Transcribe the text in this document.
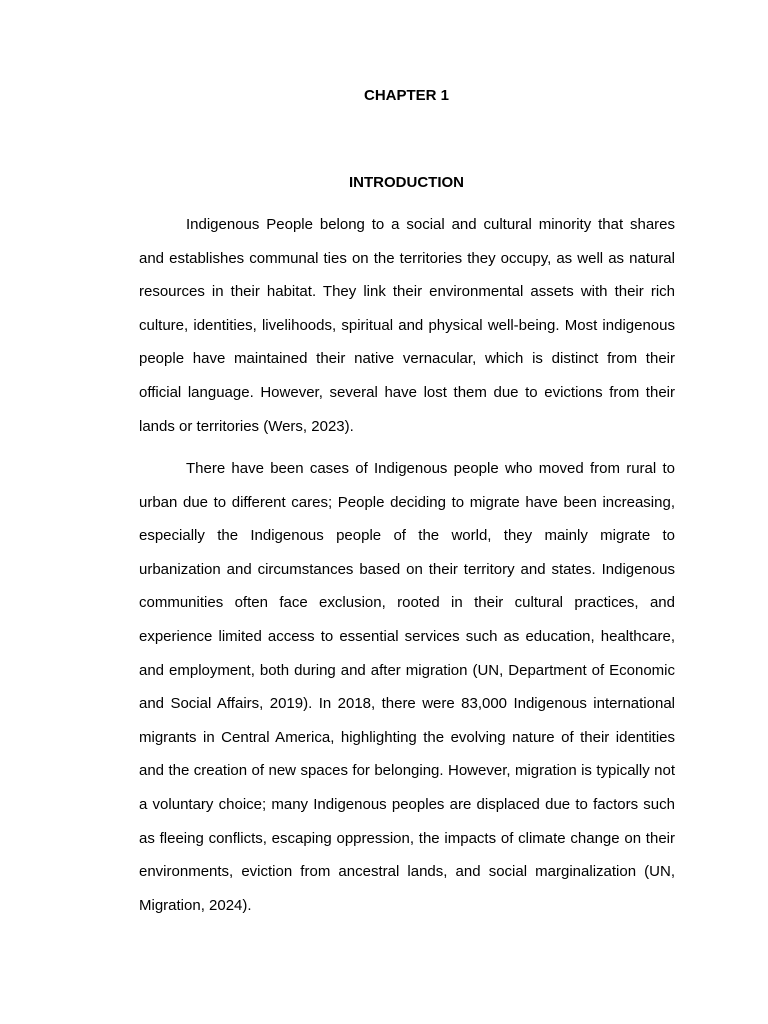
CHAPTER 1
INTRODUCTION

Indigenous People belong to a social and cultural minority that shares and establishes communal ties on the territories they occupy, as well as natural resources in their habitat. They link their environmental assets with their rich culture, identities, livelihoods, spiritual and physical well-being. Most indigenous people have maintained their native vernacular, which is distinct from their official language. However, several have lost them due to evictions from their lands or territories (Wers, 2023).

There have been cases of Indigenous people who moved from rural to urban due to different cares; People deciding to migrate have been increasing, especially the Indigenous people of the world, they mainly migrate to urbanization and circumstances based on their territory and states. Indigenous communities often face exclusion, rooted in their cultural practices, and experience limited access to essential services such as education, healthcare, and employment, both during and after migration (UN, Department of Economic and Social Affairs, 2019). In 2018, there were 83,000 Indigenous international migrants in Central America, highlighting the evolving nature of their identities and the creation of new spaces for belonging. However, migration is typically not a voluntary choice; many Indigenous peoples are displaced due to factors such as fleeing conflicts, escaping oppression, the impacts of climate change on their environments, eviction from ancestral lands, and social marginalization (UN, Migration, 2024).
